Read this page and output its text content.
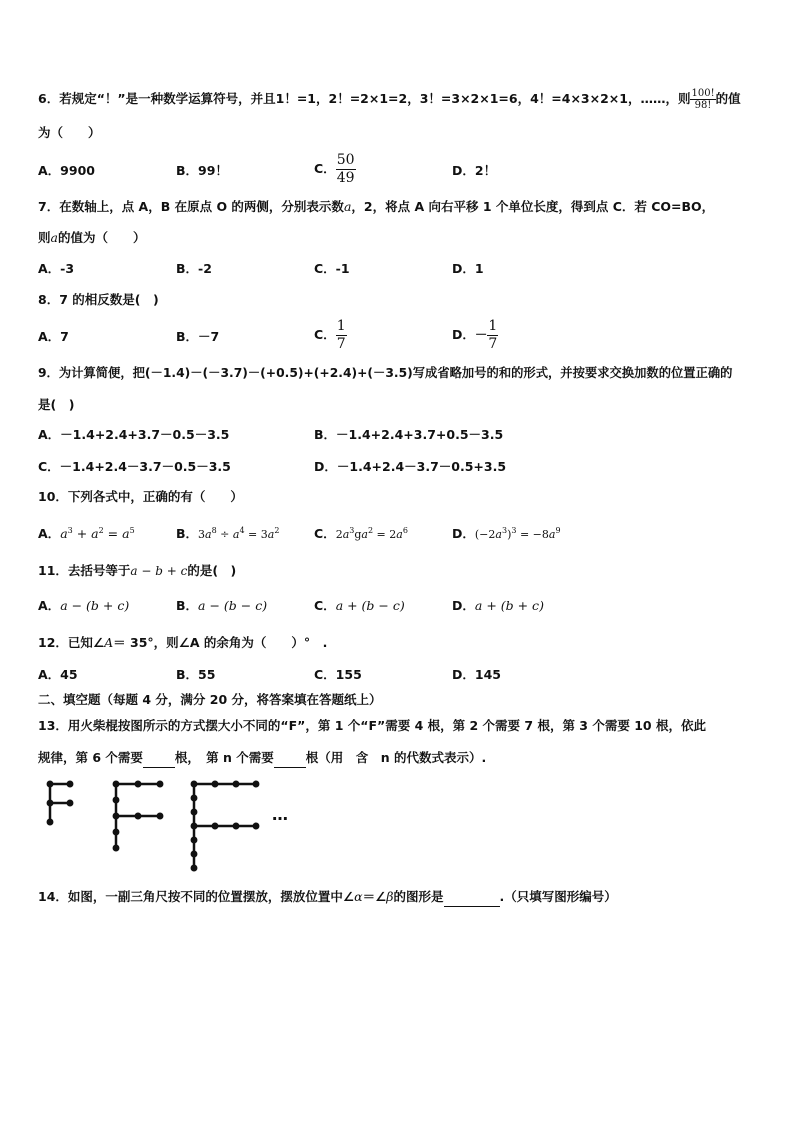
6．若规定“！”是一种数学运算符号，并且1！=1，2！=2×1=2，3！=3×2×1=6，4！=4×3×2×1，……，则 $\frac{100!}{98!}$ 的值
为（　　）
A．9900	B．99！	C． $\frac{50}{49}$	D．2！
7．在数轴上，点 A，B 在原点 O 的两侧，分别表示数a，2，将点 A 向右平移 1 个单位长度，得到点 C．若 CO=BO，
则a的值为（　　）
A．-3	B．-2	C．-1	D．1
8．7 的相反数是(　)
A．7	B．－7	C． $\frac{1}{7}$	D．－ $\frac{1}{7}$
9．为计算简便，把(－1.4)－(－3.7)－(+0.5)+(+2.4)+(－3.5)写成省略加号的和的形式，并按要求交换加数的位置正确的
是(　)
A．－1.4+2.4+3.7－0.5－3.5	B．－1.4+2.4+3.7+0.5－3.5
C．－1.4+2.4－3.7－0.5－3.5	D．－1.4+2.4－3.7－0.5+3.5
10．下列各式中，正确的有（　　）
A．$a^3 + a^2 = a^5$	B．$3a^8 \div a^4 = 3a^2$	C．$2a^3ga^2 = 2a^6$	D．$(-2a^3)^3 = -8a^9$
11．去括号等于a − b + c的是(　)
A．a − (b + c)	B．a − (b − c)	C．a + (b − c)	D．a + (b + c)
12．已知∠A＝ 35°，则∠A 的余角为（　　）°　.
A．45	B．55	C．155	D．145
二、填空题（每题 4 分，满分 20 分，将答案填在答题纸上）
13．用火柴棍按图所示的方式摆大小不同的“F”，第 1 个“F”需要 4 根，第 2 个需要 7 根，第 3 个需要 10 根，依此
规律，第 6 个需要	根，　第 n 个需要	根（用　含　n 的代数式表示）.
…
14．如图，一副三角尺按不同的位置摆放，摆放位置中∠α＝∠β的图形是	.（只填写图形编号）
